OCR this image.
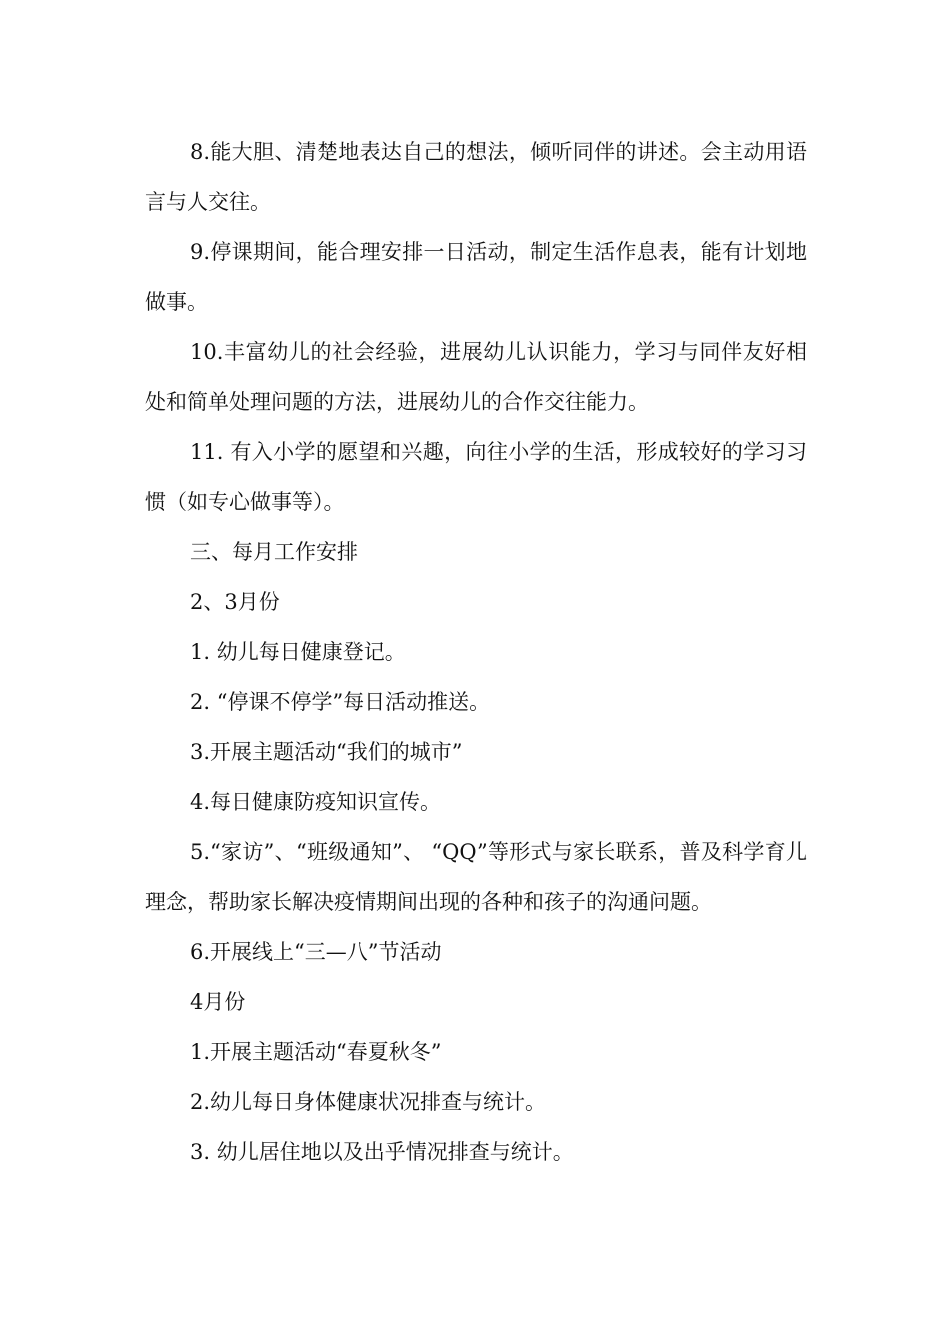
8.能大胆、清楚地表达自己的想法，倾听同伴的讲述。会主动用语言与人交往。

9.停课期间，能合理安排一日活动，制定生活作息表，能有计划地做事。

10.丰富幼儿的社会经验，进展幼儿认识能力，学习与同伴友好相处和简单处理问题的方法，进展幼儿的合作交往能力。

11. 有入小学的愿望和兴趣，向往小学的生活，形成较好的学习习惯（如专心做事等）。

三、每月工作安排

2、3月份

1. 幼儿每日健康登记。

2. “停课不停学”每日活动推送。

3.开展主题活动“我们的城市”

4.每日健康防疫知识宣传。

5.“家访”、“班级通知”、 “QQ”等形式与家长联系，普及科学育儿理念，帮助家长解决疫情期间出现的各种和孩子的沟通问题。

6.开展线上“三—八”节活动

4月份

1.开展主题活动“春夏秋冬”

2.幼儿每日身体健康状况排查与统计。

3. 幼儿居住地以及出乎情况排查与统计。
